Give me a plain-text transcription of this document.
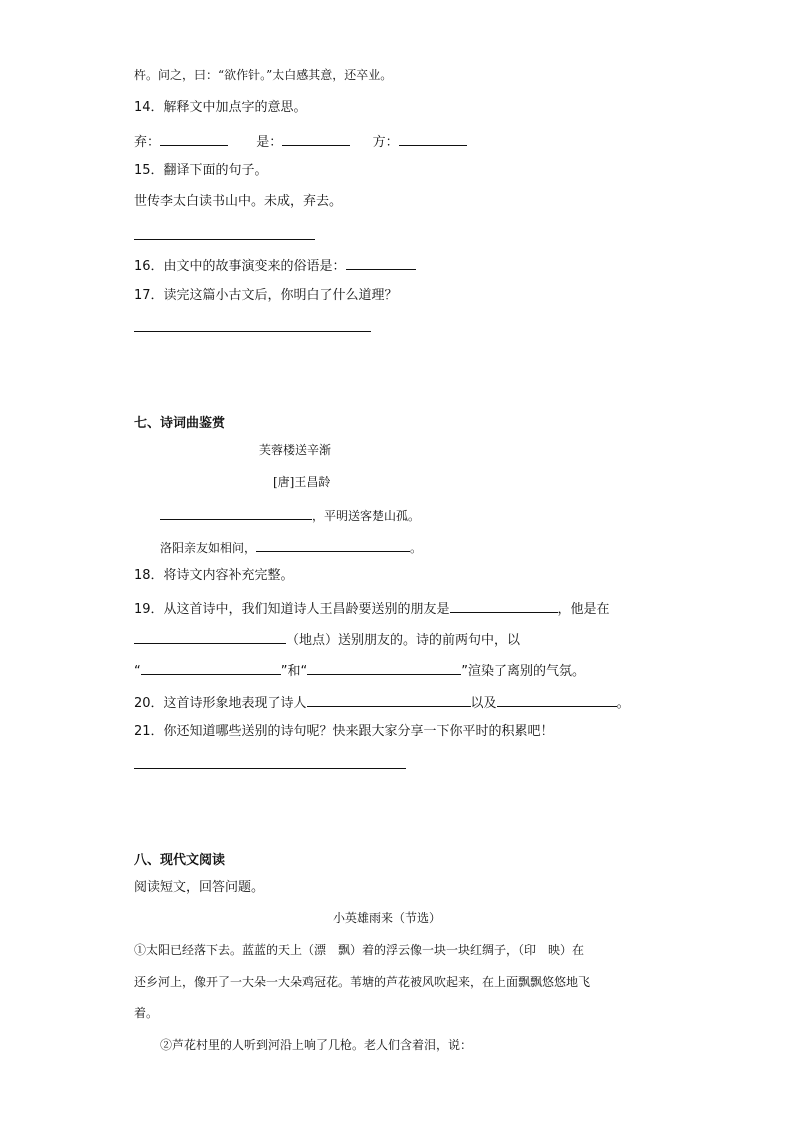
杵。问之，曰：“欲作针。”太白感其意，还卒业。
14．解释文中加点字的意思。
弃：	是：	方：
15．翻译下面的句子。
世传李太白读书山中。未成，弃去。
16．由文中的故事演变来的俗语是：
17．读完这篇小古文后，你明白了什么道理？
七、诗词曲鉴赏
芙蓉楼送辛渐
[唐]王昌龄
，平明送客楚山孤。
洛阳亲友如相问，	。
18．将诗文内容补充完整。
19．从这首诗中，我们知道诗人王昌龄要送别的朋友是	，他是在
（地点）送别朋友的。诗的前两句中，以
“	”和“	”渲染了离别的气氛。
20．这首诗形象地表现了诗人	以及	。
21．你还知道哪些送别的诗句呢？快来跟大家分享一下你平时的积累吧！
八、现代文阅读
阅读短文，回答问题。
小英雄雨来（节选）
①太阳已经落下去。蓝蓝的天上（漂　飘）着的浮云像一块一块红绸子，（印　映）在
还乡河上，像开了一大朵一大朵鸡冠花。苇塘的芦花被风吹起来，在上面飘飘悠悠地飞
着。
②芦花村里的人听到河沿上响了几枪。老人们含着泪，说：
